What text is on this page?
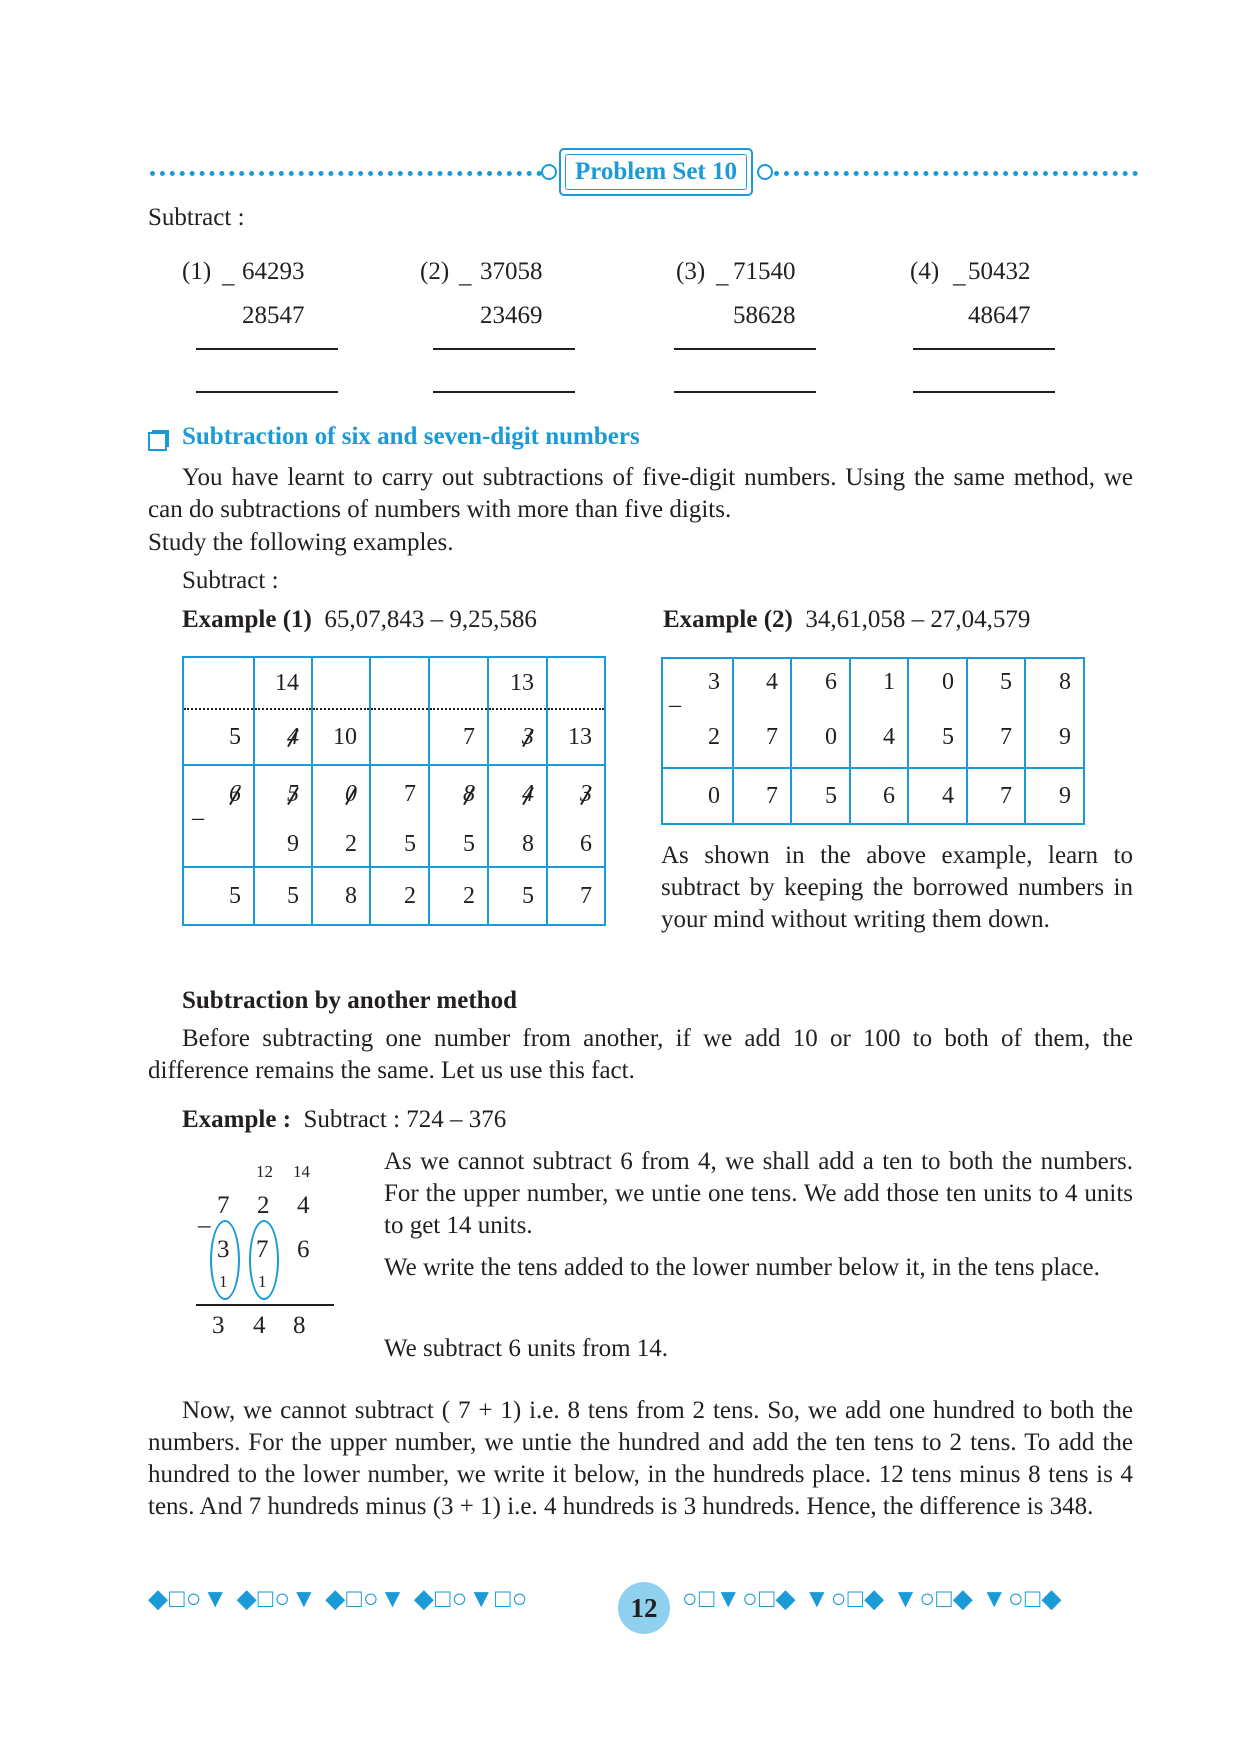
Problem Set 10
Subtract :
(1) 64293
–
28547
(2) 37058
–
23469
(3) 71540
–
58628
(4) 50432
–
48647
Subtraction of six and seven-digit numbers
You have learnt to carry out subtractions of five-digit numbers. Using the same method, we can do subtractions of numbers with more than five digits.
Study the following examples.
Subtract :
Example (1) 65,07,843 – 9,25,586
	14				13	
5	4	10		7	3	13
6	5	0	7	8	4	3

–	9	2	5	5	8	6
5	5	8	2	2	5	7
Example (2) 34,61,058 – 27,04,579
3	4	6	1	0	5	8

–
2	7	0	4	5	7	9
0	7	5	6	4	7	9
As shown in the above example, learn to subtract by keeping the borrowed numbers in your mind without writing them down.
Subtraction by another method
Before subtracting one number from another, if we add 10 or 100 to both of them, the difference remains the same. Let us use this fact.
Example : Subtract : 724 – 376
12 14
7 2 4
–
3 7 6
1 1
3 4 8
As we cannot subtract 6 from 4, we shall add a ten to both the numbers. For the upper number, we untie one tens. We add those ten units to 4 units to get 14 units.
We write the tens added to the lower number below it, in the tens place.
We subtract 6 units from 14.
Now, we cannot subtract ( 7 + 1) i.e. 8 tens from 2 tens. So, we add one hundred to both the numbers. For the upper number, we untie the hundred and add the ten tens to 2 tens. To add the hundred to the lower number, we write it below, in the hundreds place. 12 tens minus 8 tens is 4 tens. And 7 hundreds minus (3 + 1) i.e. 4 hundreds is 3 hundreds. Hence, the difference is 348.
◆□○▼ ◆□○▼ ◆□○▼ ◆□○▼□○	12 ○□▼○□◆ ▼○□◆ ▼○□◆ ▼○□◆
